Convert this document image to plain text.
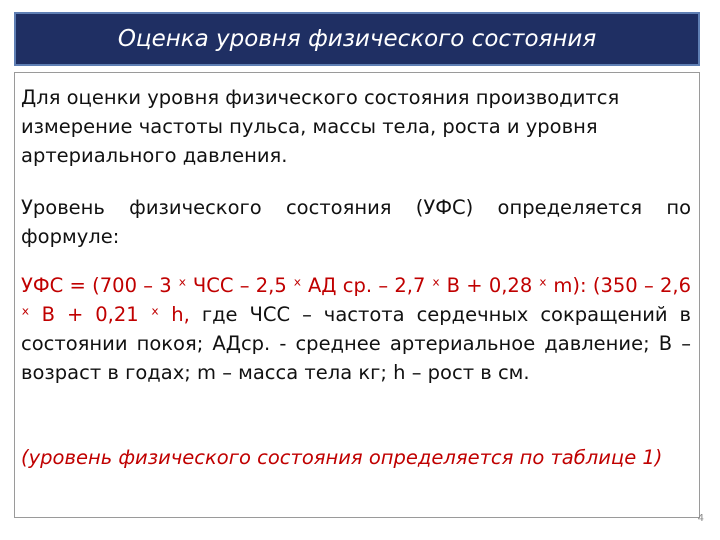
Оценка уровня физического состояния

Для оценки уровня физического состояния производится измерение частоты пульса, массы тела, роста и уровня артериального давления.

Уровень физического состояния (УФС) определяется по формуле:

УФС = (700 – 3 ˣ ЧСС – 2,5 ˣ АД ср. – 2,7 ˣ В + 0,28 ˣ m): (350 – 2,6 ˣ В + 0,21 ˣ h, где ЧСС – частота сердечных сокращений в состоянии покоя; АДср. - среднее артериальное давление; В – возраст в годах; m – масса тела кг; h – рост в см.

(уровень физического состояния определяется по таблице 1)

4
